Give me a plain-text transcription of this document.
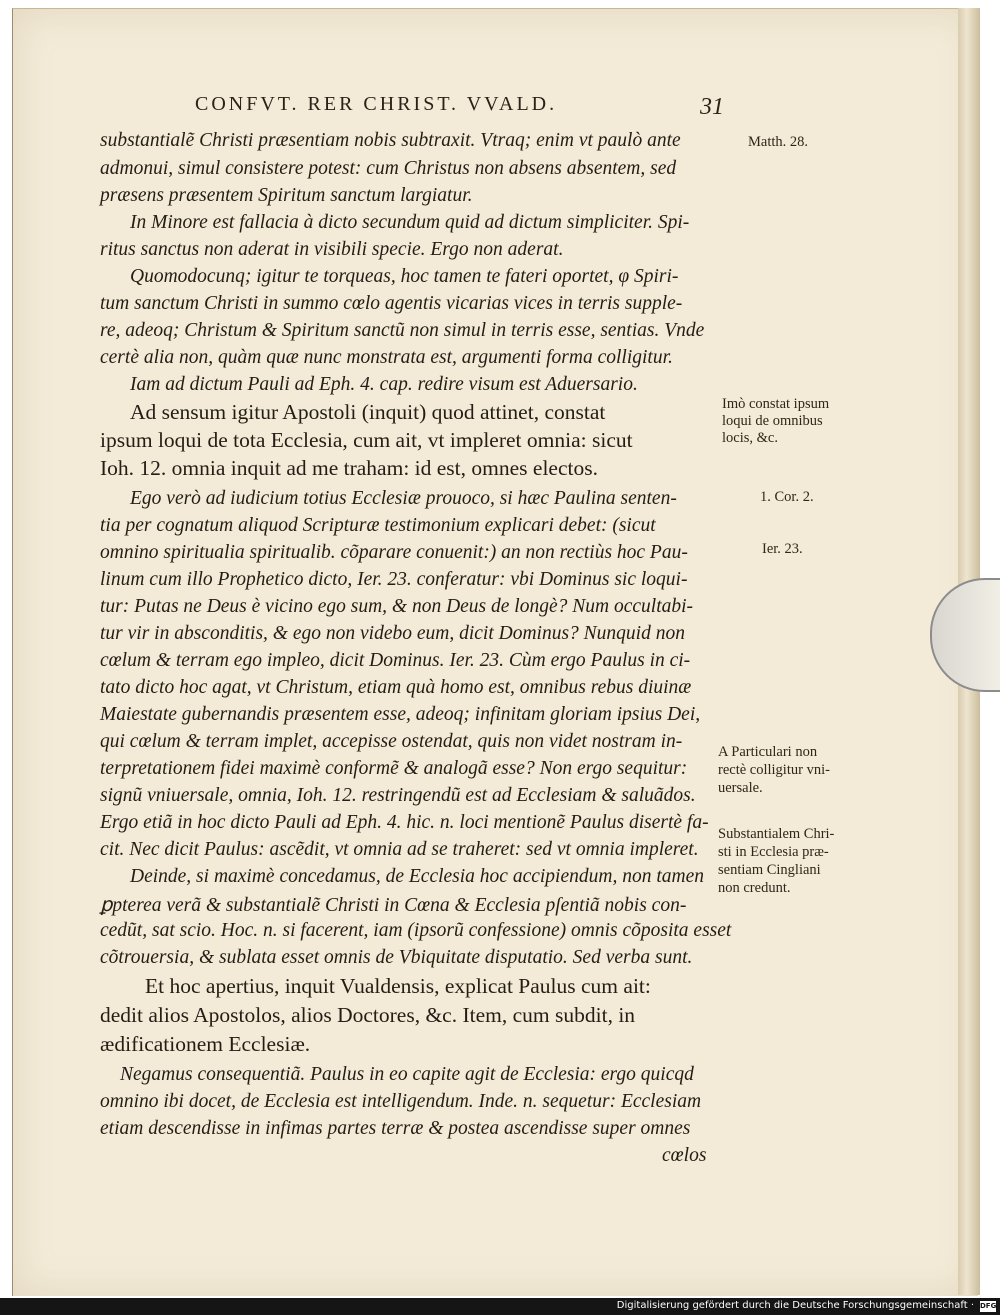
CONFVT. RER CHRIST. VVALD.	31
substantialẽ Christi præsentiam nobis subtraxit. Vtraq; enim vt paulò ante
admonui, simul consistere potest: cum Christus non absens absentem, sed
præsens præsentem Spiritum sanctum largiatur.
In Minore est fallacia à dicto secundum quid ad dictum simpliciter. Spi-
ritus sanctus non aderat in visibili specie. Ergo non aderat.
Quomodocunq; igitur te torqueas, hoc tamen te fateri oportet, φ Spiri-
tum sanctum Christi in summo cœlo agentis vicarias vices in terris supple-
re, adeoq; Christum & Spiritum sanctũ non simul in terris esse, sentias. Vnde
certè alia non, quàm quæ nunc monstrata est, argumenti forma colligitur.
Iam ad dictum Pauli ad Eph. 4. cap. redire visum est Aduersario.
Ad sensum igitur Apostoli (inquit) quod attinet, constat
ipsum loqui de tota Ecclesia, cum ait, vt impleret omnia: sicut
Ioh. 12. omnia inquit ad me traham: id est, omnes electos.
Ego verò ad iudicium totius Ecclesiæ prouoco, si hæc Paulina senten-
tia per cognatum aliquod Scripturæ testimonium explicari debet: (sicut
omnino spiritualia spiritualib. cõparare conuenit:) an non rectiùs hoc Pau-
linum cum illo Prophetico dicto, Ier. 23. conferatur: vbi Dominus sic loqui-
tur: Putas ne Deus è vicino ego sum, & non Deus de longè? Num occultabi-
tur vir in absconditis, & ego non videbo eum, dicit Dominus? Nunquid non
cœlum & terram ego impleo, dicit Dominus. Ier. 23. Cùm ergo Paulus in ci-
tato dicto hoc agat, vt Christum, etiam quà homo est, omnibus rebus diuinæ
Maiestate gubernandis præsentem esse, adeoq; infinitam gloriam ipsius Dei,
qui cœlum & terram implet, accepisse ostendat, quis non videt nostram in-
terpretationem fidei maximè conformẽ & analogã esse? Non ergo sequitur:
signũ vniuersale, omnia, Ioh. 12. restringendũ est ad Ecclesiam & saluãdos.
Ergo etiã in hoc dicto Pauli ad Eph. 4. hic. n. loci mentionẽ Paulus disertè fa-
cit. Nec dicit Paulus: ascẽdit, vt omnia ad se traheret: sed vt omnia impleret.
Deinde, si maximè concedamus, de Ecclesia hoc accipiendum, non tamen
ꝑpterea verã & substantialẽ Christi in Cœna & Ecclesia pſentiã nobis con-
cedũt, sat scio. Hoc. n. si facerent, iam (ipsorũ confessione) omnis cõposita esset
cõtrouersia, & sublata esset omnis de Vbiquitate disputatio. Sed verba sunt.
Et hoc apertius, inquit Vualdensis, explicat Paulus cum ait:
dedit alios Apostolos, alios Doctores, &c. Item, cum subdit, in
ædificationem Ecclesiæ.
Negamus consequentiã. Paulus in eo capite agit de Ecclesia: ergo quicqd
omnino ibi docet, de Ecclesia est intelligendum. Inde. n. sequetur: Ecclesiam
etiam descendisse in infimas partes terræ & postea ascendisse super omnes
cœlos
Matth. 28.
Imò constat ipsum
loqui de omnibus
locis, &c.
1. Cor. 2.
Ier. 23.
A Particulari non
rectè colligitur vni-
uersale.
Substantialem Chri-
sti in Ecclesia præ-
sentiam Cingliani
non credunt.
Digitalisierung gefördert durch die Deutsche Forschungsgemeinschaft · DFG
